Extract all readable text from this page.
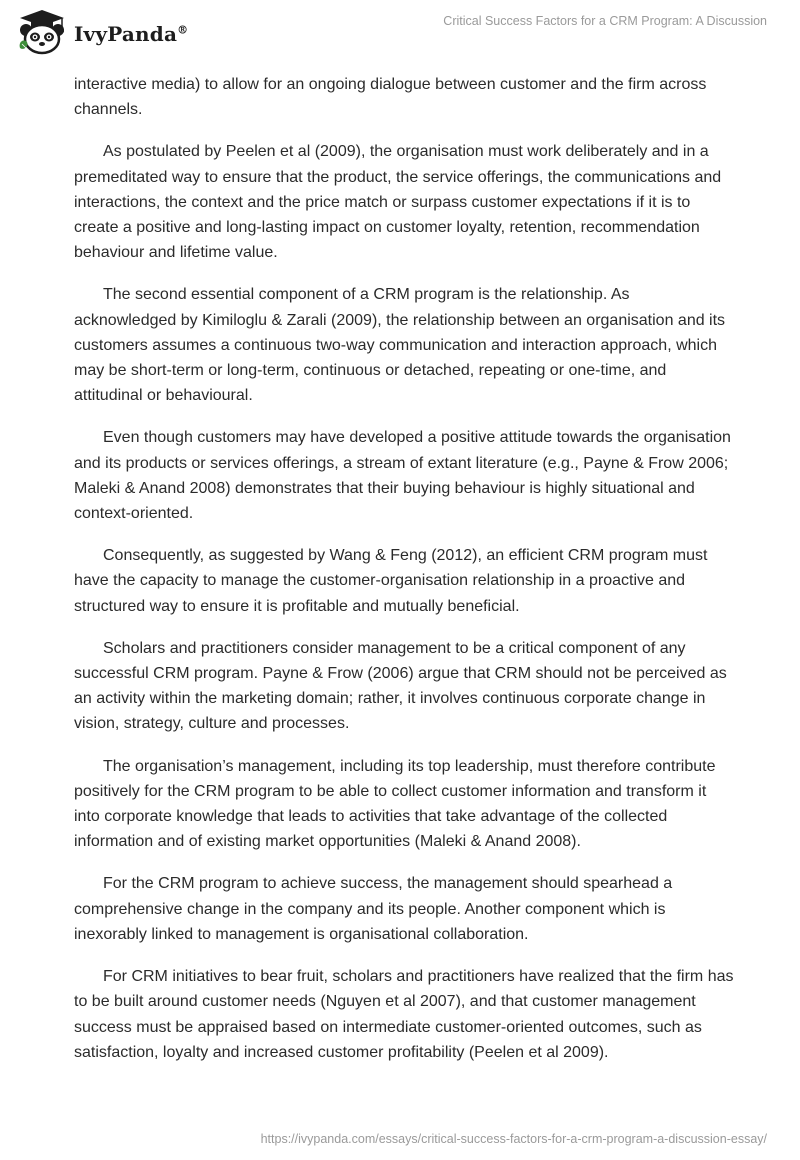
IvyPanda®
Critical Success Factors for a CRM Program: A Discussion

interactive media) to allow for an ongoing dialogue between customer and the firm across channels.

As postulated by Peelen et al (2009), the organisation must work deliberately and in a premeditated way to ensure that the product, the service offerings, the communications and interactions, the context and the price match or surpass customer expectations if it is to create a positive and long-lasting impact on customer loyalty, retention, recommendation behaviour and lifetime value.

The second essential component of a CRM program is the relationship. As acknowledged by Kimiloglu & Zarali (2009), the relationship between an organisation and its customers assumes a continuous two-way communication and interaction approach, which may be short-term or long-term, continuous or detached, repeating or one-time, and attitudinal or behavioural.

Even though customers may have developed a positive attitude towards the organisation and its products or services offerings, a stream of extant literature (e.g., Payne & Frow 2006; Maleki & Anand 2008) demonstrates that their buying behaviour is highly situational and context-oriented.

Consequently, as suggested by Wang & Feng (2012), an efficient CRM program must have the capacity to manage the customer-organisation relationship in a proactive and structured way to ensure it is profitable and mutually beneficial.

Scholars and practitioners consider management to be a critical component of any successful CRM program. Payne & Frow (2006) argue that CRM should not be perceived as an activity within the marketing domain; rather, it involves continuous corporate change in vision, strategy, culture and processes.

The organisation’s management, including its top leadership, must therefore contribute positively for the CRM program to be able to collect customer information and transform it into corporate knowledge that leads to activities that take advantage of the collected information and of existing market opportunities (Maleki & Anand 2008).

For the CRM program to achieve success, the management should spearhead a comprehensive change in the company and its people. Another component which is inexorably linked to management is organisational collaboration.

For CRM initiatives to bear fruit, scholars and practitioners have realized that the firm has to be built around customer needs (Nguyen et al 2007), and that customer management success must be appraised based on intermediate customer-oriented outcomes, such as satisfaction, loyalty and increased customer profitability (Peelen et al 2009).

https://ivypanda.com/essays/critical-success-factors-for-a-crm-program-a-discussion-essay/
